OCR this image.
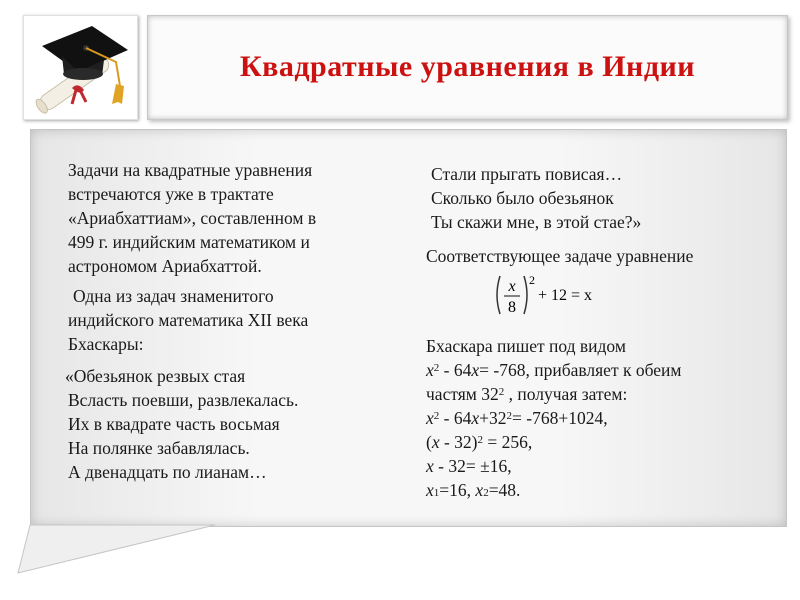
Квадратные уравнения в Индии

Задачи на квадратные уравнения

встречаются уже в трактате

«Ариабхаттиам», составленном в

499 г. индийским математиком и

астрономом Ариабхаттой.

Одна из задач знаменитого

индийского математика XII века

Бхаскары:

«Обезьянок резвых стая

Всласть поевши, развлекалась.

Их в квадрате часть восьмая

На полянке забавлялась.

А двенадцать по лианам…

Стали прыгать повисая…

Сколько было обезьянок

Ты скажи мне, в этой стае?»

Соответствующее задаче уравнение

x
8
2
+ 12 = x

Бхаскара пишет под видом

$x^2 - 64x= -768$, прибавляет к обеим

частям $32^2$ , получая затем:

$x^2 - 64x+32^2= -768+1024$,

(x - 32)$^2$ = 256,

x - 32= ±16,

$x_1=16$, $x_2=48$.
